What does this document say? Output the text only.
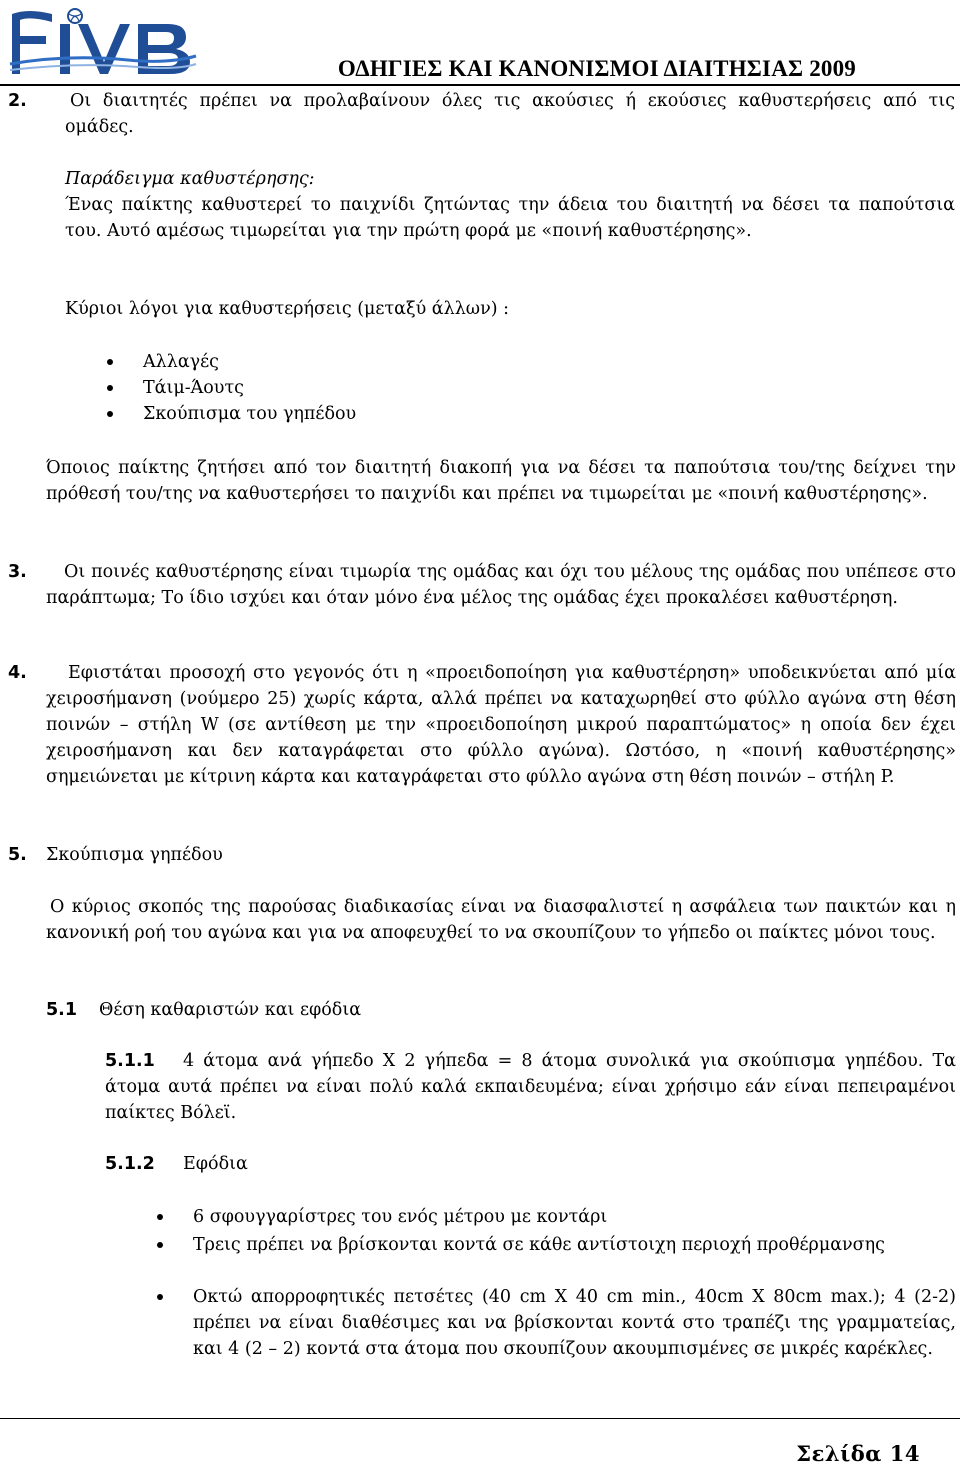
ΟΔΗΓΙΕΣ ΚΑΙ ΚΑΝΟΝΙΣΜΟΙ ΔΙΑΙΤΗΣΙΑΣ 2009
2. Οι διαιτητές πρέπει να προλαβαίνουν όλες τις ακούσιες ή εκούσιες καθυστερήσεις από τις ομάδες.
Παράδειγμα καθυστέρησης:
Ένας παίκτης καθυστερεί το παιχνίδι ζητώντας την άδεια του διαιτητή να δέσει τα παπούτσια του. Αυτό αμέσως τιμωρείται για την πρώτη φορά με «ποινή καθυστέρησης».
Κύριοι λόγοι για καθυστερήσεις (μεταξύ άλλων) :
Αλλαγές
Τάιμ-Άουτς
Σκούπισμα του γηπέδου
Όποιος παίκτης ζητήσει από τον διαιτητή διακοπή για να δέσει τα παπούτσια του/της δείχνει την πρόθεσή του/της να καθυστερήσει το παιχνίδι και πρέπει να τιμωρείται με «ποινή καθυστέρησης».
3.	Οι ποινές καθυστέρησης είναι τιμωρία της ομάδας και όχι του μέλους της ομάδας που υπέπεσε στο παράπτωμα; Το ίδιο ισχύει και όταν μόνο ένα μέλος της ομάδας έχει προκαλέσει καθυστέρηση.
4.	Εφιστάται προσοχή στο γεγονός ότι η «προειδοποίηση για καθυστέρηση» υποδεικνύεται από μία χειροσήμανση (νούμερο 25) χωρίς κάρτα, αλλά πρέπει να καταχωρηθεί στο φύλλο αγώνα στη θέση ποινών – στήλη W (σε αντίθεση με την «προειδοποίηση μικρού παραπτώματος» η οποία δεν έχει χειροσήμανση και δεν καταγράφεται στο φύλλο αγώνα). Ωστόσο, η «ποινή καθυστέρησης» σημειώνεται με κίτρινη κάρτα και καταγράφεται στο φύλλο αγώνα στη θέση ποινών – στήλη P.
5. Σκούπισμα γηπέδου
Ο κύριος σκοπός της παρούσας διαδικασίας είναι να διασφαλιστεί η ασφάλεια των παικτών και η κανονική ροή του αγώνα και για να αποφευχθεί το να σκουπίζουν το γήπεδο οι παίκτες μόνοι τους.
5.1 Θέση καθαριστών και εφόδια
5.1.1	4 άτομα ανά γήπεδο X 2 γήπεδα = 8 άτομα συνολικά για σκούπισμα γηπέδου. Τα άτομα αυτά πρέπει να είναι πολύ καλά εκπαιδευμένα; είναι χρήσιμο εάν είναι πεπειραμένοι παίκτες Βόλεϊ.
5.1.2 Εφόδια
6 σφουγγαρίστρες του ενός μέτρου με κοντάρι
Τρεις πρέπει να βρίσκονται κοντά σε κάθε αντίστοιχη περιοχή προθέρμανσης
Οκτώ απορροφητικές πετσέτες (40 cm X 40 cm min., 40cm X 80cm max.); 4 (2-2) πρέπει να είναι διαθέσιμες και να βρίσκονται κοντά στο τραπέζι της γραμματείας, και 4 (2 – 2) κοντά στα άτομα που σκουπίζουν ακουμπισμένες σε μικρές καρέκλες.
Σελίδα 14
